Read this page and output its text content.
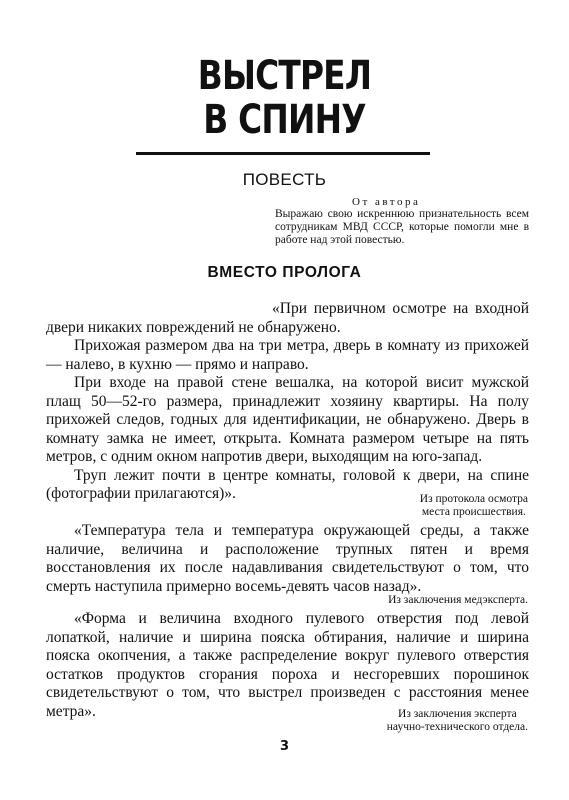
ВЫСТРЕЛ
В СПИНУ
ПОВЕСТЬ
От автора
Выражаю свою искреннюю признательность всем сотрудникам МВД СССР, которые помогли мне в работе над этой повестью.
ВМЕСТО ПРОЛОГА

«При первичном осмотре на входной двери никаких повреждений не обнаружено.

Прихожая размером два на три метра, дверь в комнату из прихожей — налево, в кухню — прямо и направо.

При входе на правой стене вешалка, на которой висит мужской плащ 50—52-го размера, принадлежит хозяину квартиры. На полу прихожей следов, годных для идентификации, не обнаружено. Дверь в комнату замка не имеет, открыта. Комната размером четыре на пять метров, с одним окном напротив двери, выходящим на юго-запад.

Труп лежит почти в центре комнаты, головой к двери, на спине (фотографии прилагаются)».	Из протокола осмотра
места происшествия.

«Температура тела и температура окружающей среды, а также наличие, величина и расположение трупных пятен и время восстановления их после надавливания свидетельствуют о том, что смерть наступила примерно восемь-девять часов назад».

Из заключения медэксперта.

«Форма и величина входного пулевого отверстия под левой лопаткой, наличие и ширина пояска обтирания, наличие и ширина пояска окопчения, а также распределение вокруг пулевого отверстия остатков продуктов сгорания пороха и несгоревших порошинок свидетельствуют о том, что выстрел произведен с расстояния менее метра».	Из заключения эксперта
научно-технического отдела.
3
